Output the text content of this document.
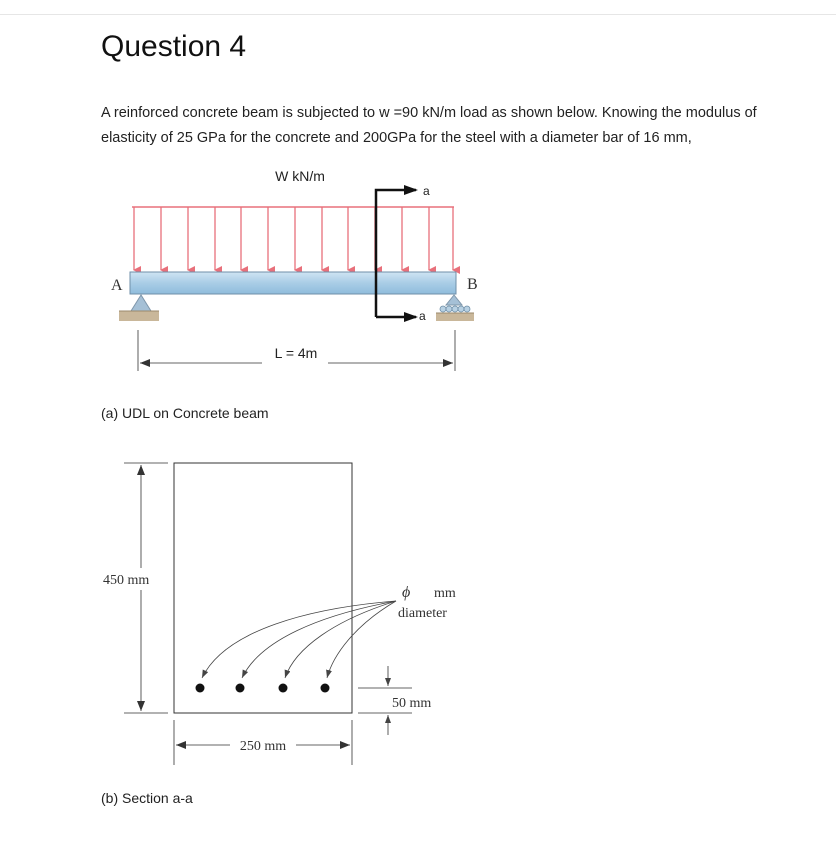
Question 4
A reinforced concrete beam is subjected to w =90 kN/m load as shown below. Knowing the modulus of elasticity of 25 GPa for the concrete and 200GPa for the steel with a diameter bar of 16 mm,
W kN/m
A	B
a
a
L = 4m
(a) UDL on Concrete beam
450 mm
250 mm
ϕ mm
diameter
50 mm
(b) Section a-a
